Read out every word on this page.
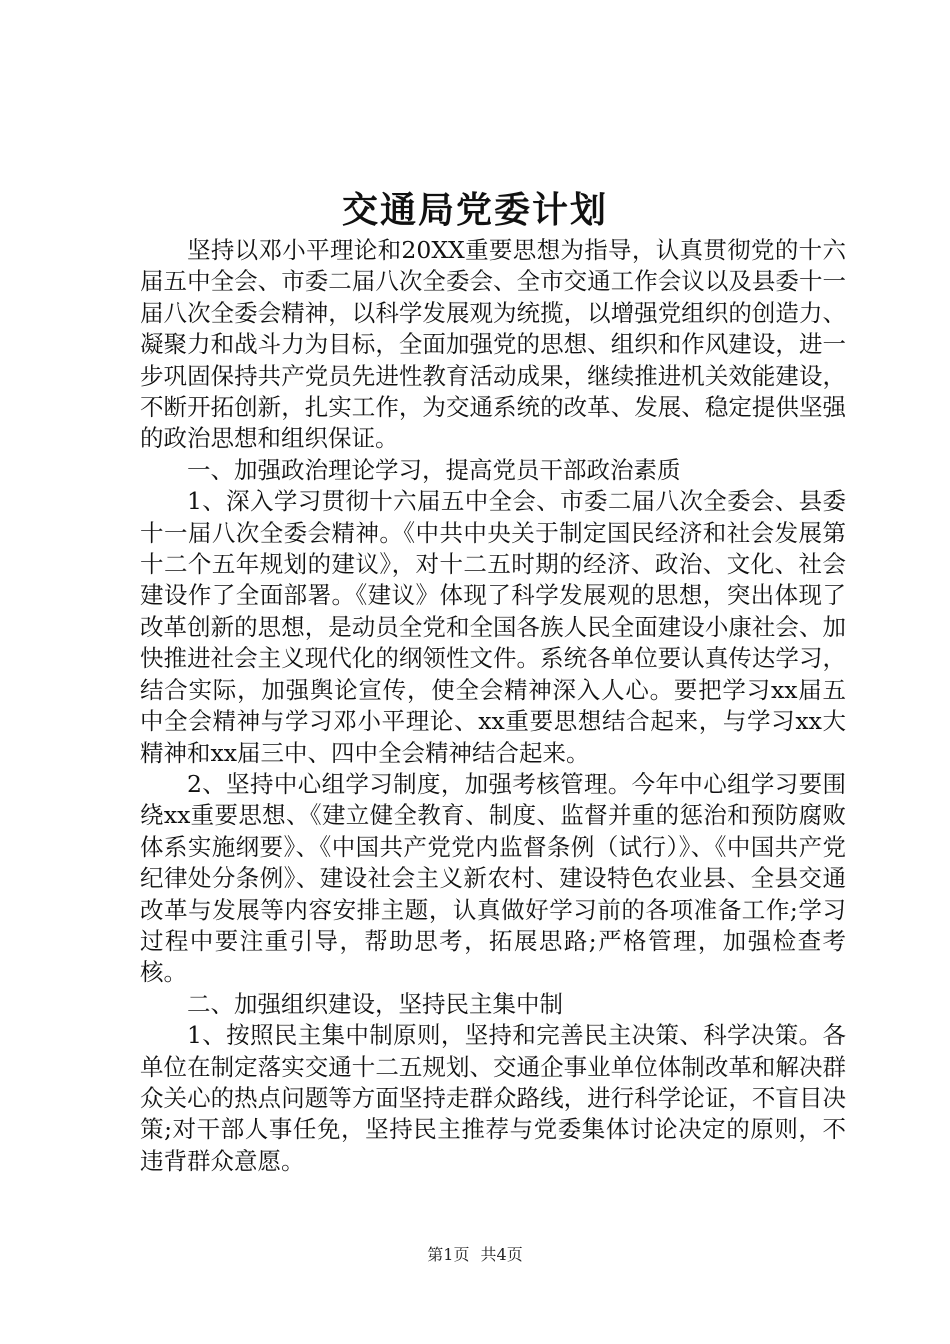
交通局党委计划

坚持以邓小平理论和20XX重要思想为指导，认真贯彻党的十六届五中全会、市委二届八次全委会、全市交通工作会议以及县委十一届八次全委会精神，以科学发展观为统揽，以增强党组织的创造力、凝聚力和战斗力为目标，全面加强党的思想、组织和作风建设，进一步巩固保持共产党员先进性教育活动成果，继续推进机关效能建设，不断开拓创新，扎实工作，为交通系统的改革、发展、稳定提供坚强的政治思想和组织保证。

一、加强政治理论学习，提高党员干部政治素质

1、深入学习贯彻十六届五中全会、市委二届八次全委会、县委十一届八次全委会精神。《中共中央关于制定国民经济和社会发展第十二个五年规划的建议》，对十二五时期的经济、政治、文化、社会建设作了全面部署。《建议》体现了科学发展观的思想，突出体现了改革创新的思想，是动员全党和全国各族人民全面建设小康社会、加快推进社会主义现代化的纲领性文件。系统各单位要认真传达学习，结合实际，加强舆论宣传，使全会精神深入人心。要把学习xx届五中全会精神与学习邓小平理论、xx重要思想结合起来，与学习xx大精神和xx届三中、四中全会精神结合起来。

2、坚持中心组学习制度，加强考核管理。今年中心组学习要围绕xx重要思想、《建立健全教育、制度、监督并重的惩治和预防腐败体系实施纲要》、《中国共产党党内监督条例（试行）》、《中国共产党纪律处分条例》、建设社会主义新农村、建设特色农业县、全县交通改革与发展等内容安排主题，认真做好学习前的各项准备工作;学习过程中要注重引导，帮助思考，拓展思路;严格管理，加强检查考核。

二、加强组织建设，坚持民主集中制

1、按照民主集中制原则，坚持和完善民主决策、科学决策。各单位在制定落实交通十二五规划、交通企事业单位体制改革和解决群众关心的热点问题等方面坚持走群众路线，进行科学论证，不盲目决策;对干部人事任免，坚持民主推荐与党委集体讨论决定的原则，不违背群众意愿。

第1页 共4页
